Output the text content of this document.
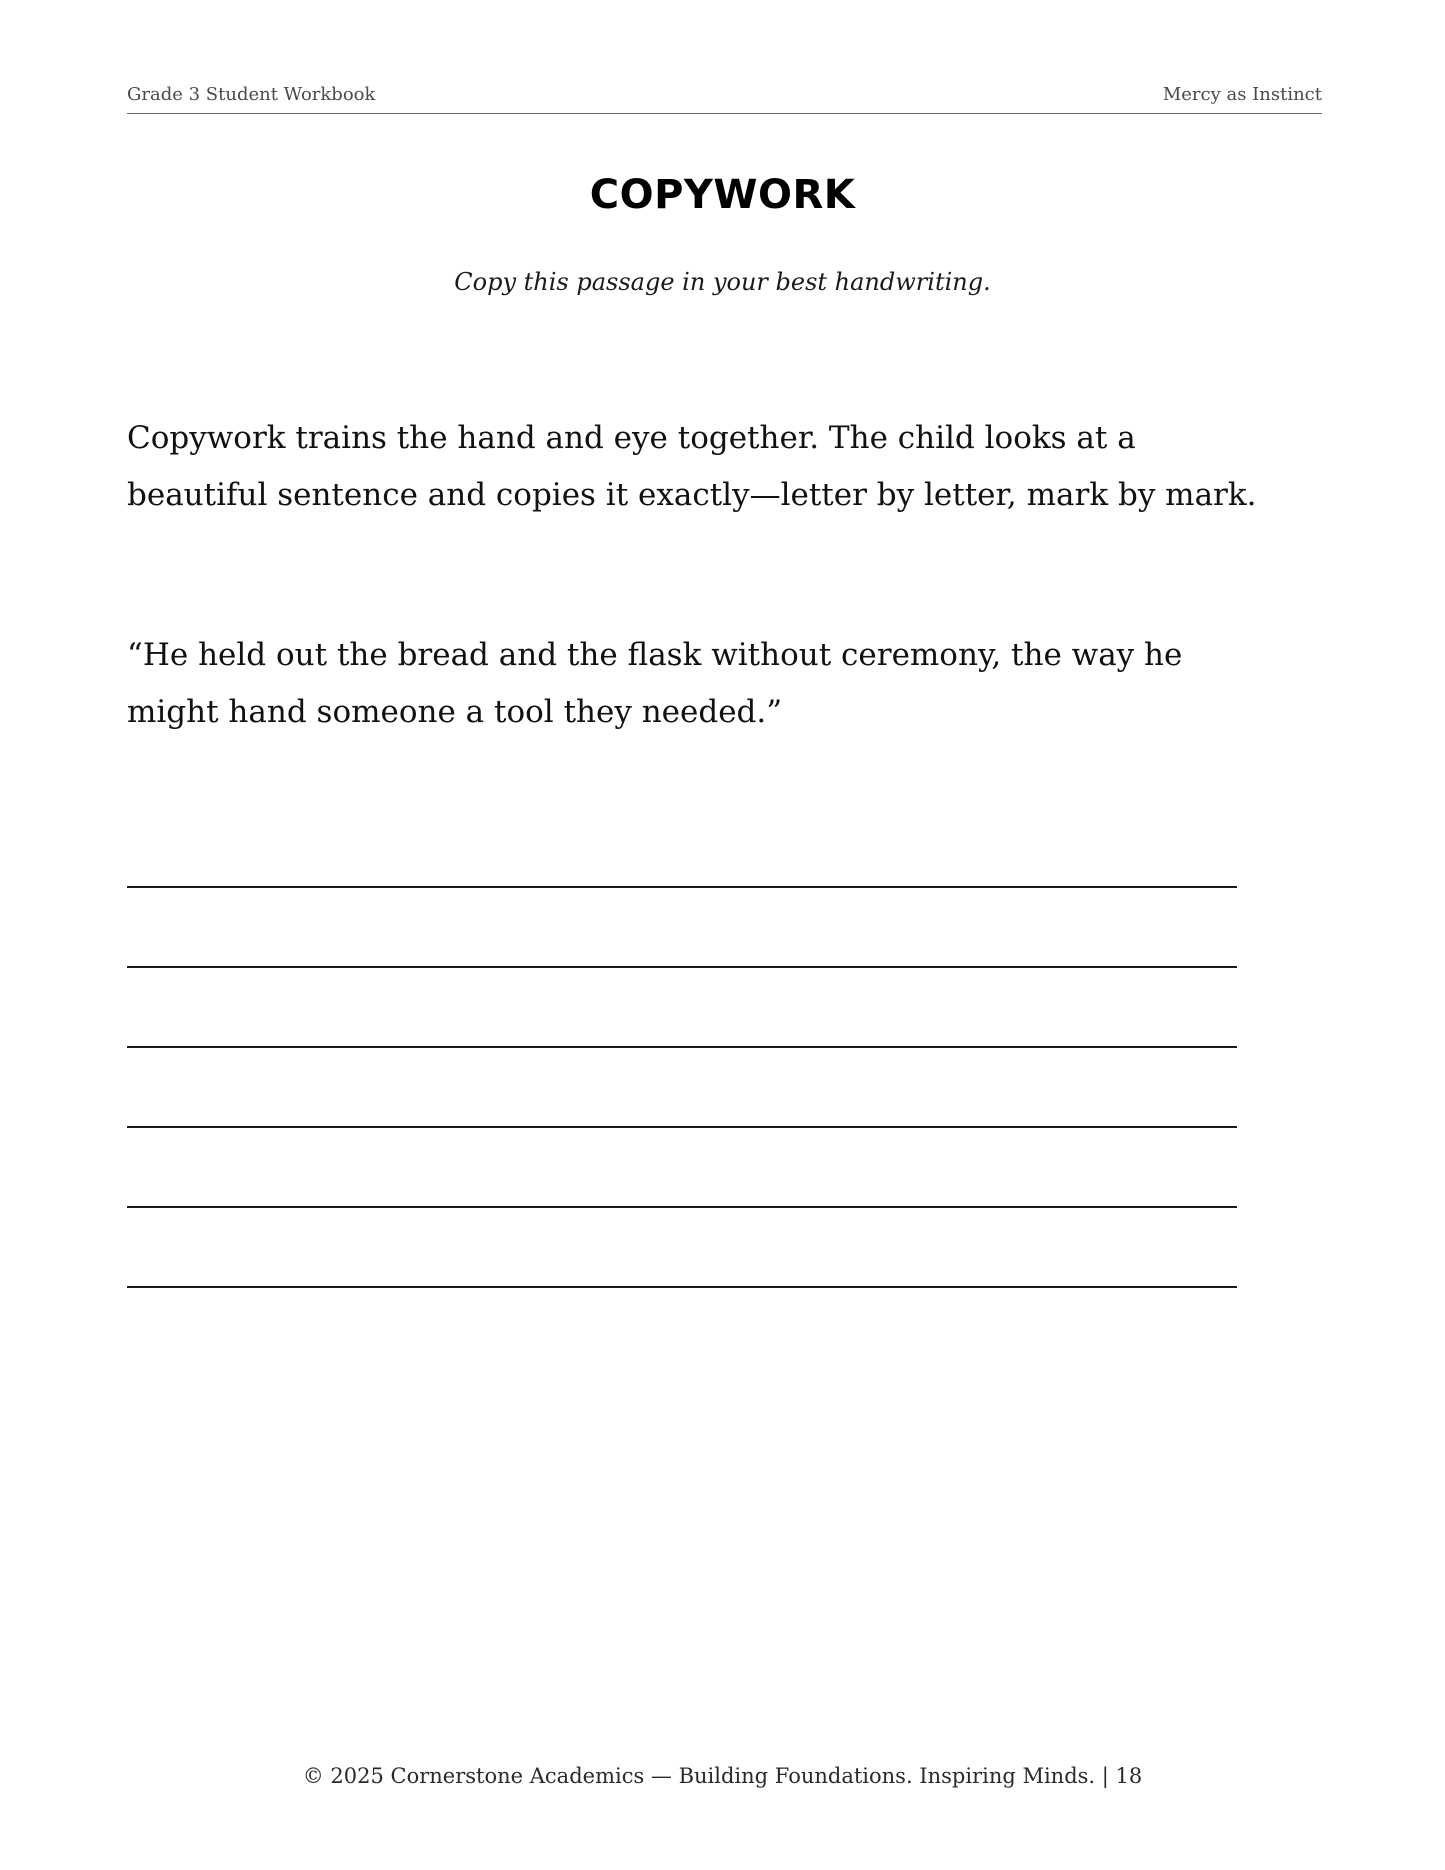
Grade 3 Student Workbook	Mercy as Instinct
COPYWORK
Copy this passage in your best handwriting.
Copywork trains the hand and eye together. The child looks at a beautiful sentence and copies it exactly—letter by letter, mark by mark.
“He held out the bread and the flask without ceremony, the way he might hand someone a tool they needed.”
© 2025 Cornerstone Academics — Building Foundations. Inspiring Minds. | 18
